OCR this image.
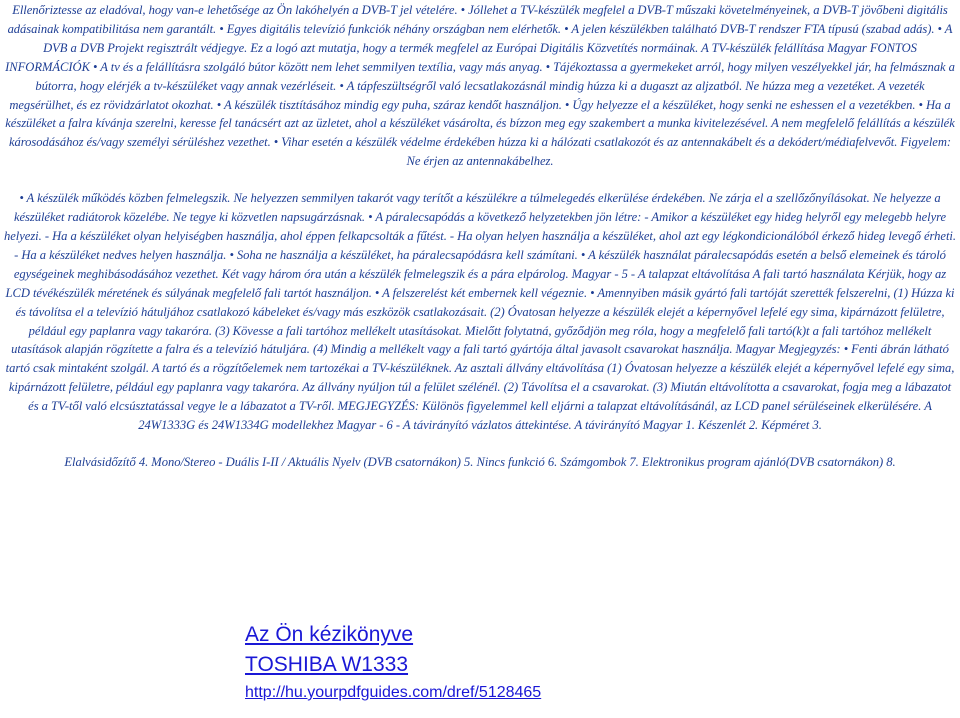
Ellenőriztesse az eladóval, hogy van-e lehetősége az Ön lakóhelyén a DVB-T jel vételére. • Jóllehet a TV-készülék megfelel a DVB-T műszaki követelményeinek, a DVB-T jövőbeni digitális adásainak kompatibilitása nem garantált. • Egyes digitális televízió funkciók néhány országban nem elérhetők. • A jelen készülékben található DVB-T rendszer FTA típusú (szabad adás). • A DVB a DVB Projekt regisztrált védjegye. Ez a logó azt mutatja, hogy a termék megfelel az Európai Digitális Közvetítés normáinak. A TV-készülék felállítása Magyar FONTOS INFORMÁCIÓK • A tv és a felállításra szolgáló bútor között nem lehet semmilyen textília, vagy más anyag. • Tájékoztassa a gyermekeket arról, hogy milyen veszélyekkel jár, ha felmásznak a bútorra, hogy elérjék a tv-készüléket vagy annak vezérléseit. • A tápfeszültségről való lecsatlakozásnál mindig húzza ki a dugaszt az aljzatból. Ne húzza meg a vezetéket. A vezeték megsérülhet, és ez rövidzárlatot okozhat. • A készülék tisztításához mindig egy puha, száraz kendőt használjon. • Úgy helyezze el a készüléket, hogy senki ne eshessen el a vezetékben. • Ha a készüléket a falra kívánja szerelni, keresse fel tanácsért azt az üzletet, ahol a készüléket vásárolta, és bízzon meg egy szakembert a munka kivitelezésével. A nem megfelelő felállítás a készülék károsodásához és/vagy személyi sérüléshez vezethet. • Vihar esetén a készülék védelme érdekében húzza ki a hálózati csatlakozót és az antennakábelt és a dekódert/médiafelvevőt. Figyelem: Ne érjen az antennakábelhez.

• A készülék működés közben felmelegszik. Ne helyezzen semmilyen takarót vagy terítőt a készülékre a túlmelegedés elkerülése érdekében. Ne zárja el a szellőzőnyílásokat. Ne helyezze a készüléket radiátorok közelébe. Ne tegye ki közvetlen napsugárzásnak. • A páralecsapódás a következő helyzetekben jön létre: - Amikor a készüléket egy hideg helyről egy melegebb helyre helyezi. - Ha a készüléket olyan helyiségben használja, ahol éppen felkapcsolták a fűtést. - Ha olyan helyen használja a készüléket, ahol azt egy légkondicionálóból érkező hideg levegő érheti. - Ha a készüléket nedves helyen használja. • Soha ne használja a készüléket, ha páralecsapódásra kell számítani. • A készülék használat páralecsapódás esetén a belső elemeinek és tároló egységeinek meghibásodásához vezethet. Két vagy három óra után a készülék felmelegszik és a pára elpárolog. Magyar - 5 - A talapzat eltávolítása A fali tartó használata Kérjük, hogy az LCD tévékészülék méretének és súlyának megfelelő fali tartót használjon. • A felszerelést két embernek kell végeznie. • Amennyiben másik gyártó fali tartóját szerették felszerelni, (1) Húzza ki és távolítsa el a televízió hátuljához csatlakozó kábeleket és/vagy más eszközök csatlakozásait. (2) Óvatosan helyezze a készülék elejét a képernyővel lefelé egy sima, kipárnázott felületre, például egy paplanra vagy takaróra. (3) Kövesse a fali tartóhoz mellékelt utasításokat. Mielőtt folytatná, győződjön meg róla, hogy a megfelelő fali tartó(k)t a fali tartóhoz mellékelt utasítások alapján rögzítette a falra és a televízió hátuljára. (4) Mindig a mellékelt vagy a fali tartó gyártója által javasolt csavarokat használja. Magyar Megjegyzés: • Fenti ábrán látható tartó csak mintaként szolgál. A tartó és a rögzítőelemek nem tartozékai a TV-készüléknek. Az asztali állvány eltávolítása (1) Óvatosan helyezze a készülék elejét a képernyővel lefelé egy sima, kipárnázott felületre, például egy paplanra vagy takaróra. Az állvány nyúljon túl a felület szélénél. (2) Távolítsa el a csavarokat. (3) Miután eltávolította a csavarokat, fogja meg a lábazatot és a TV-től való elcsúsztatással vegye le a lábazatot a TV-ről. MEGJEGYZÉS: Különös figyelemmel kell eljárni a talapzat eltávolításánál, az LCD panel sérüléseinek elkerülésére. A 24W1333G és 24W1334G modellekhez Magyar - 6 - A távirányító vázlatos áttekintése. A távirányító Magyar 1. Készenlét 2. Képméret 3.

Elalvásidőzítő 4. Mono/Stereo - Duális I-II / Aktuális Nyelv (DVB csatornákon) 5. Nincs funkció 6. Számgombok 7. Elektronikus program ajánló(DVB csatornákon) 8.

Az Ön kézikönyve
TOSHIBA W1333
http://hu.yourpdfguides.com/dref/5128465
